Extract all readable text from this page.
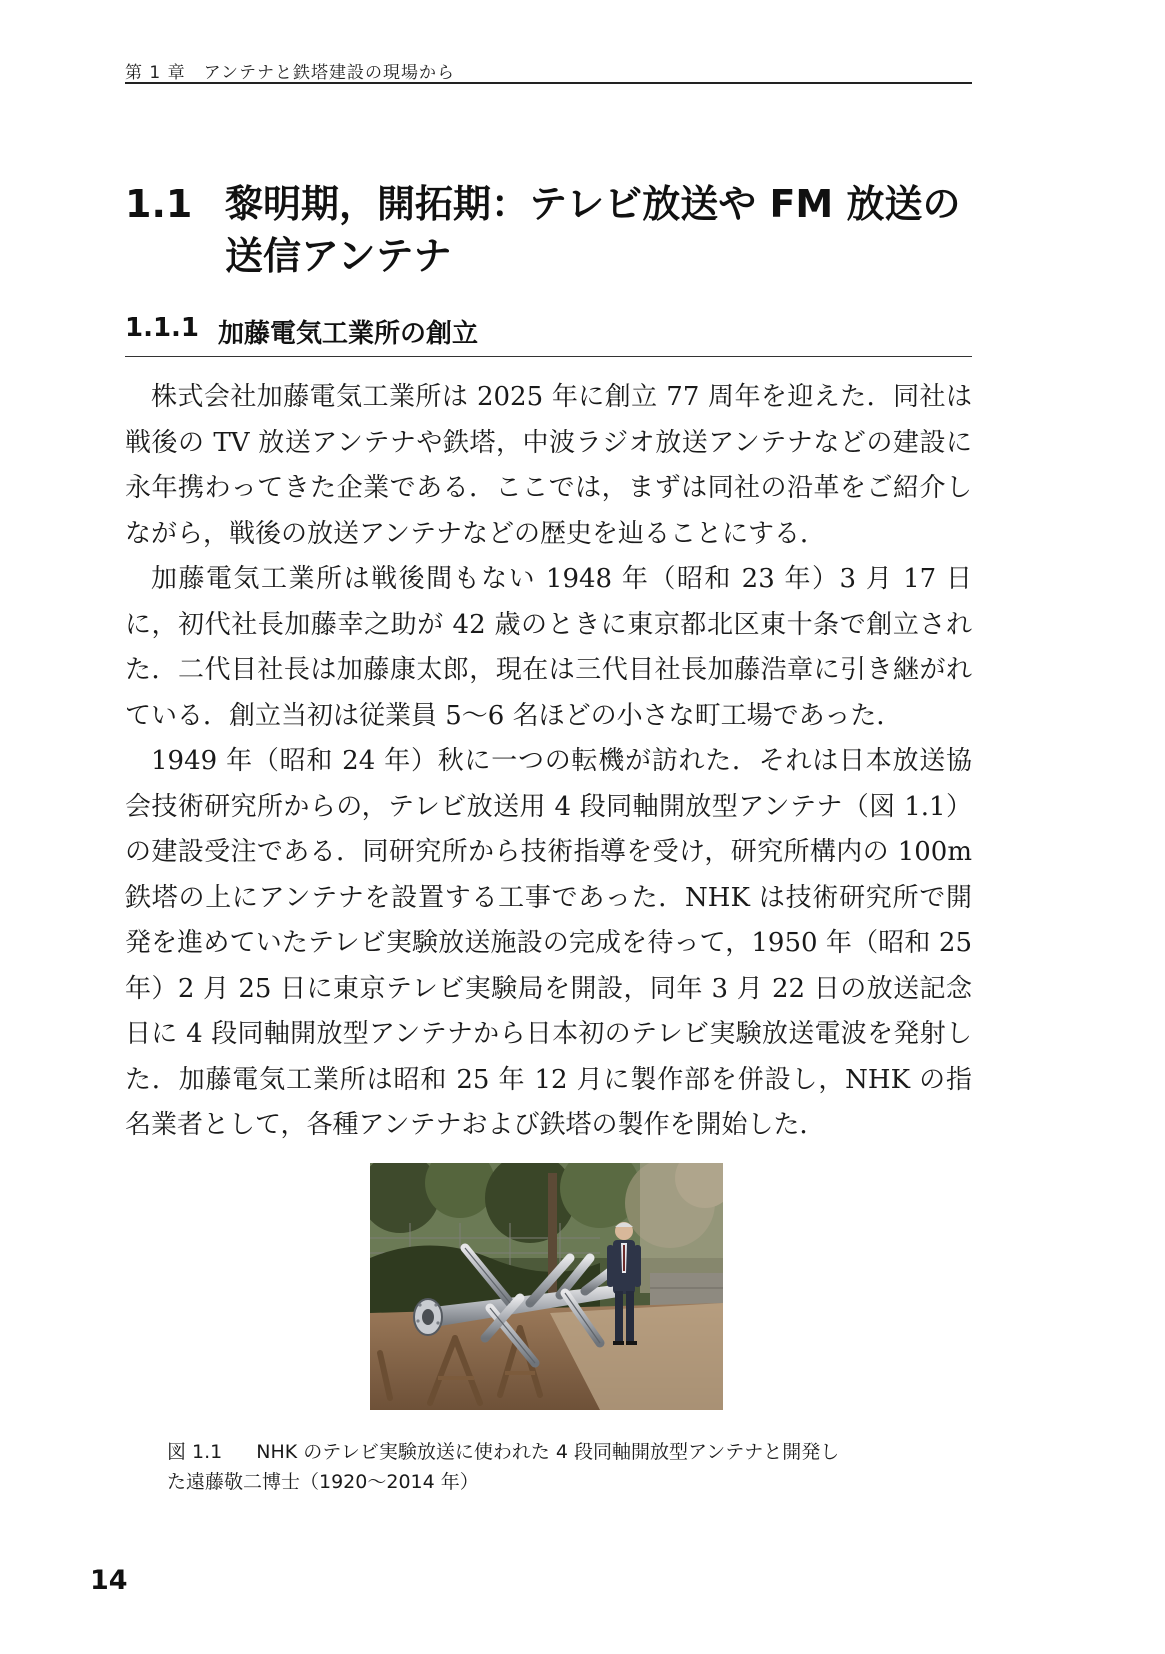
第 1 章　アンテナと鉄塔建設の現場から
1.1 黎明期，開拓期：テレビ放送や FM 放送の
送信アンテナ
1.1.1 加藤電気工業所の創立

株式会社加藤電気工業所は 2025 年に創立 77 周年を迎えた．同社は戦後の TV 放送アンテナや鉄塔，中波ラジオ放送アンテナなどの建設に永年携わってきた企業である．ここでは，まずは同社の沿革をご紹介しながら，戦後の放送アンテナなどの歴史を辿ることにする．

加藤電気工業所は戦後間もない 1948 年（昭和 23 年）3 月 17 日に，初代社長加藤幸之助が 42 歳のときに東京都北区東十条で創立された．二代目社長は加藤康太郎，現在は三代目社長加藤浩章に引き継がれている．創立当初は従業員 5〜6 名ほどの小さな町工場であった．

1949 年（昭和 24 年）秋に一つの転機が訪れた．それは日本放送協会技術研究所からの，テレビ放送用 4 段同軸開放型アンテナ（図 1.1）の建設受注である．同研究所から技術指導を受け，研究所構内の 100m 鉄塔の上にアンテナを設置する工事であった．NHK は技術研究所で開発を進めていたテレビ実験放送施設の完成を待って，1950 年（昭和 25 年）2 月 25 日に東京テレビ実験局を開設，同年 3 月 22 日の放送記念日に 4 段同軸開放型アンテナから日本初のテレビ実験放送電波を発射した．加藤電気工業所は昭和 25 年 12 月に製作部を併設し，NHK の指名業者として，各種アンテナおよび鉄塔の製作を開始した．

図 1.1 NHK のテレビ実験放送に使われた 4 段同軸開放型アンテナと開発し
た遠藤敬二博士（1920〜2014 年）
14
